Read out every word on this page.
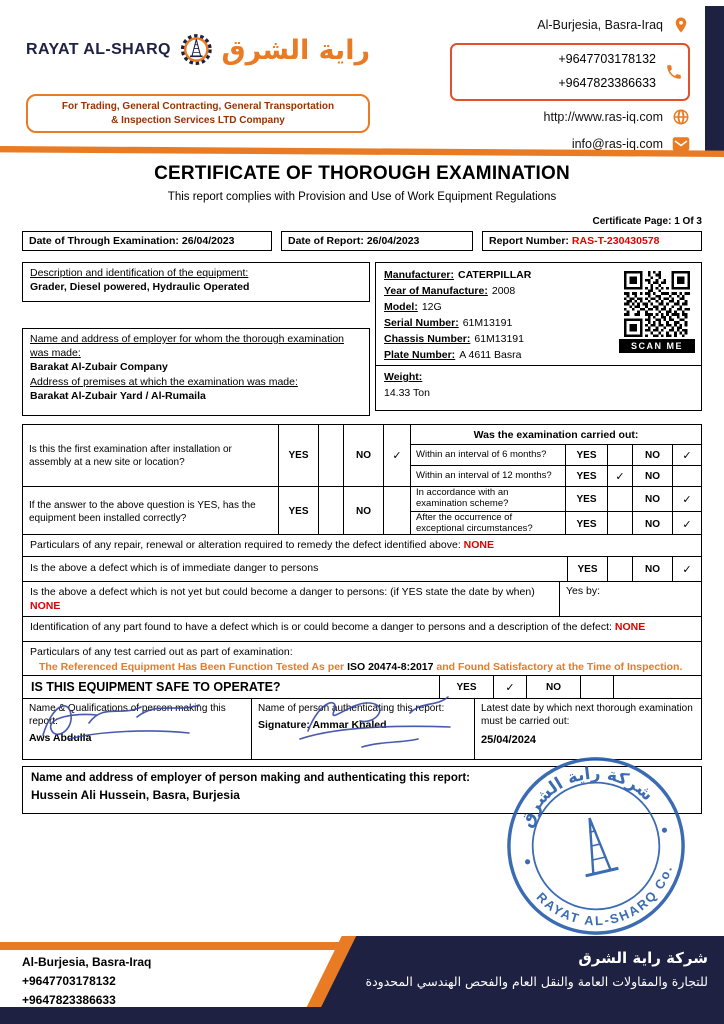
RAYAT AL-SHARQ راية الشرق
For Trading, General Contracting, General Transportation
& Inspection Services LTD Company
Al-Burjesia, Basra-Iraq
+9647703178132
+9647823386633
http://www.ras-iq.com
info@ras-iq.com
CERTIFICATE OF THOROUGH EXAMINATION
This report complies with Provision and Use of Work Equipment Regulations
Certificate Page: 1 Of 3
Date of Through Examination: 26/04/2023	Date of Report: 26/04/2023	Report Number: RAS-T-230430578
Description and identification of the equipment:
Grader, Diesel powered, Hydraulic Operated
Name and address of employer for whom the thorough examination was made:
Barakat Al-Zubair Company
Address of premises at which the examination was made:
Barakat Al-Zubair Yard / Al-Rumaila
Manufacturer: CATERPILLAR
Year of Manufacture: 2008
Model: 12G
Serial Number: 61M13191
Chassis Number: 61M13191
Plate Number: A 4611 Basra
SCAN ME
Weight:
14.33 Ton
Is this the first examination after installation or assembly at a new site or location?
YES	NO	✓
Was the examination carried out:
Within an interval of 6 months?	YES	NO	✓
Within an interval of 12 months?	YES	✓	NO
If the answer to the above question is YES, has the equipment been installed correctly?
YES	NO
In accordance with an examination scheme?	YES	NO	✓
After the occurrence of exceptional circumstances?	YES	NO	✓
Particulars of any repair, renewal or alteration required to remedy the defect identified above: NONE
Is the above a defect which is of immediate danger to persons	YES	NO	✓
Is the above a defect which is not yet but could become a danger to persons: (if YES state the date by when) NONE
Yes by:
Identification of any part found to have a defect which is or could become a danger to persons and a description of the defect: NONE
Particulars of any test carried out as part of examination:
The Referenced Equipment Has Been Function Tested As per ISO 20474-8:2017 and Found Satisfactory at the Time of Inspection.
IS THIS EQUIPMENT SAFE TO OPERATE?	YES	✓	NO
Name & Qualifications of person making this report:
Aws Abdulla
Name of person authenticating this report:
Signature: Ammar Khaled
Latest date by which next thorough examination must be carried out:
25/04/2024
Name and address of employer of person making and authenticating this report:
Hussein Ali Hussein, Basra, Burjesia
شركة راية الشرق
RAYAT AL-SHARQ Co.
Al-Burjesia, Basra-Iraq
+9647703178132
+9647823386633
شركة راية الشرق
للتجارة والمقاولات العامة والنقل العام والفحص الهندسي المحدودة
